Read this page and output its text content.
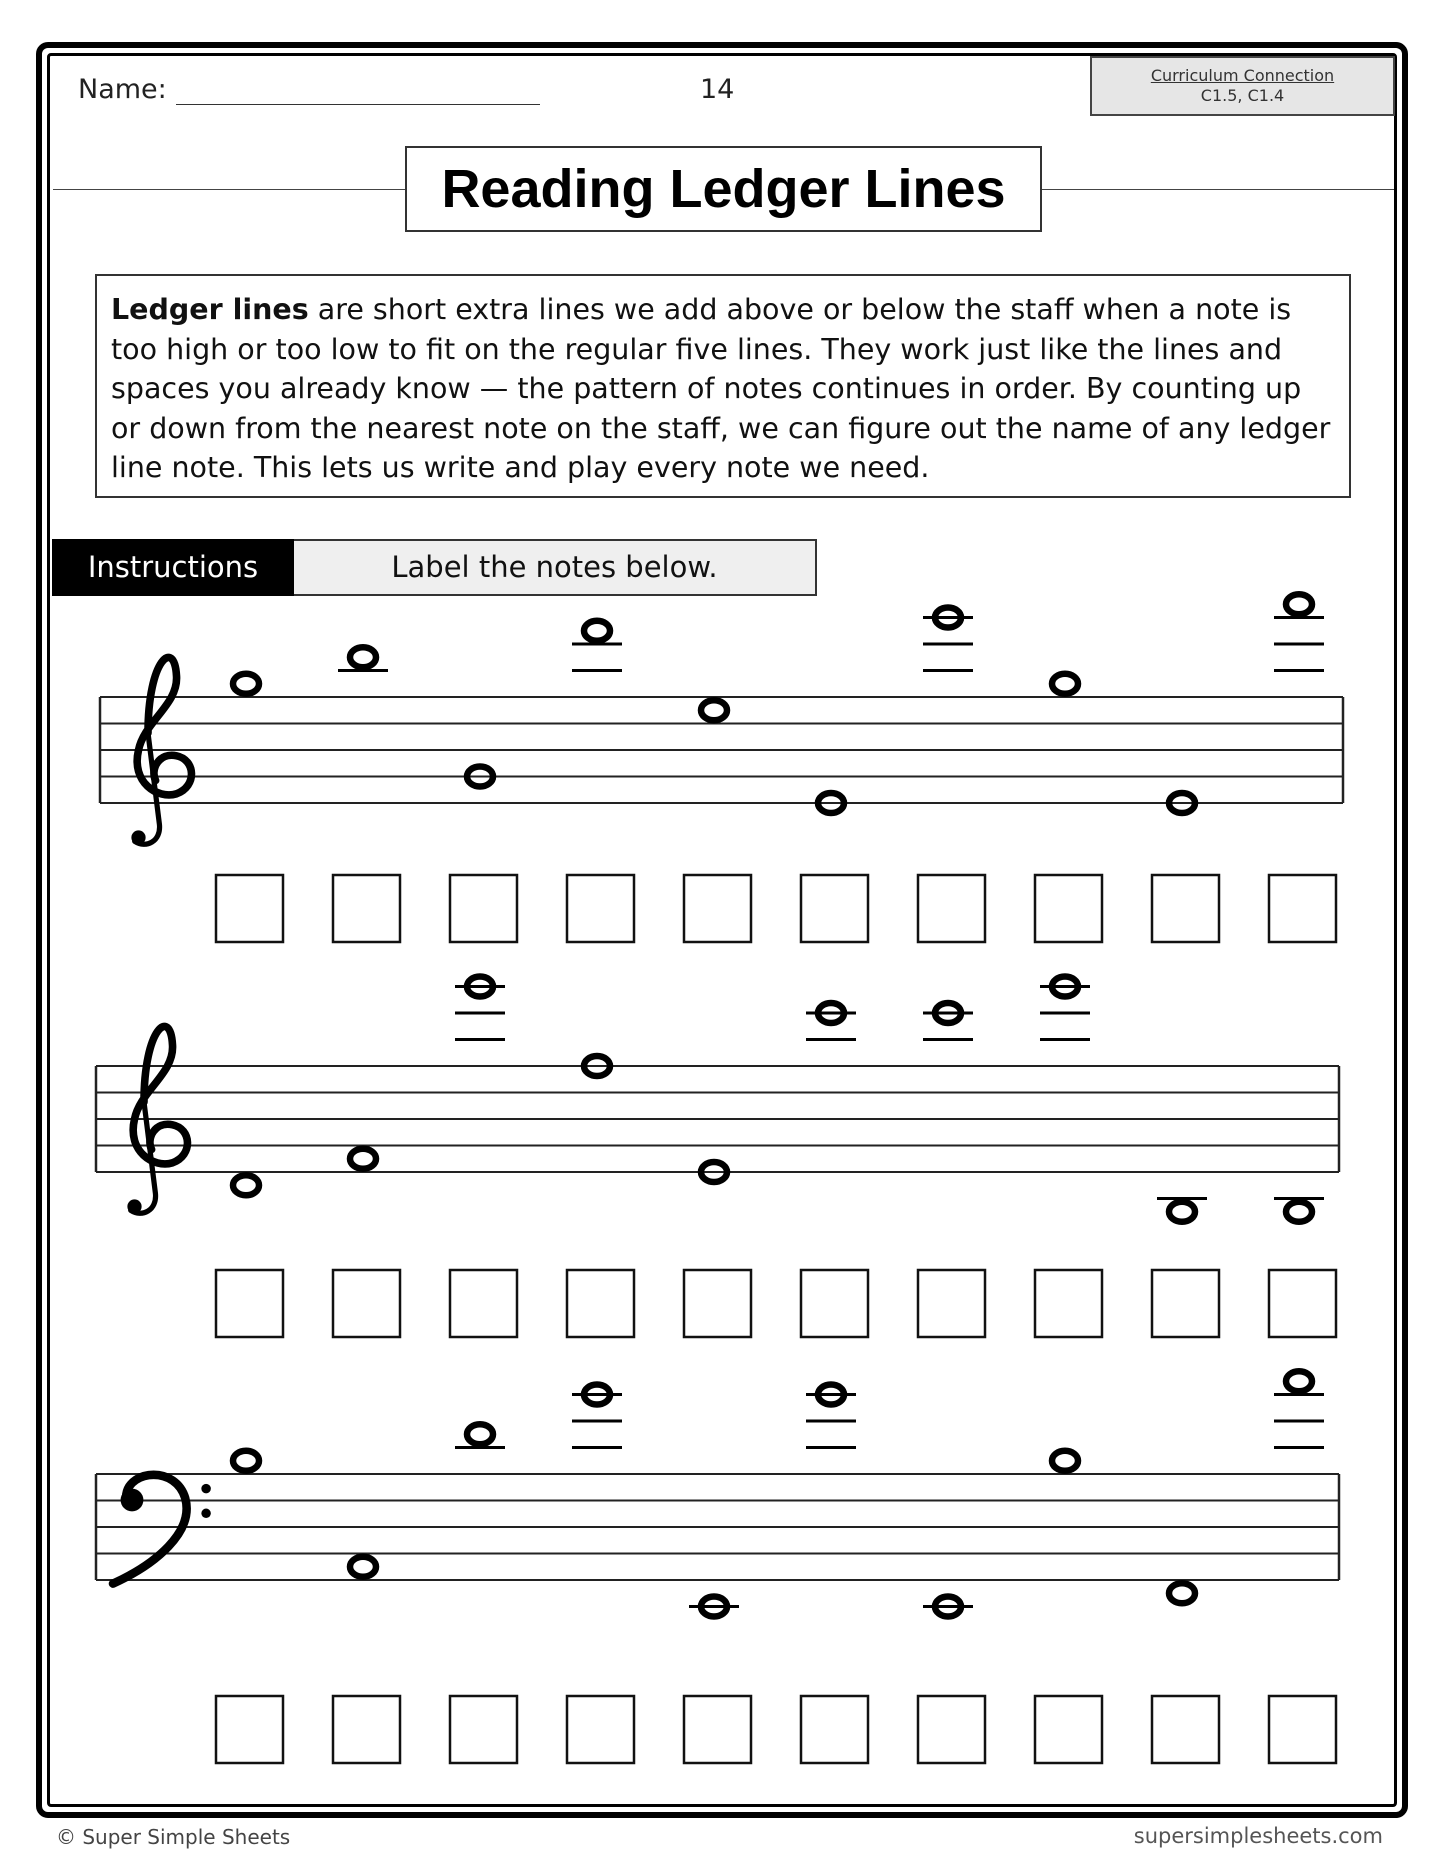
Name:	14	Curriculum Connection
C1.5, C1.4
Reading Ledger Lines
Ledger lines are short extra lines we add above or below the staff when a note is too high or too low to fit on the regular five lines. They work just like the lines and spaces you already know — the pattern of notes continues in order. By counting up or down from the nearest note on the staff, we can figure out the name of any ledger line note. This lets us write and play every note we need.
Instructions	Label the notes below.
© Super Simple Sheets	supersimplesheets.com
